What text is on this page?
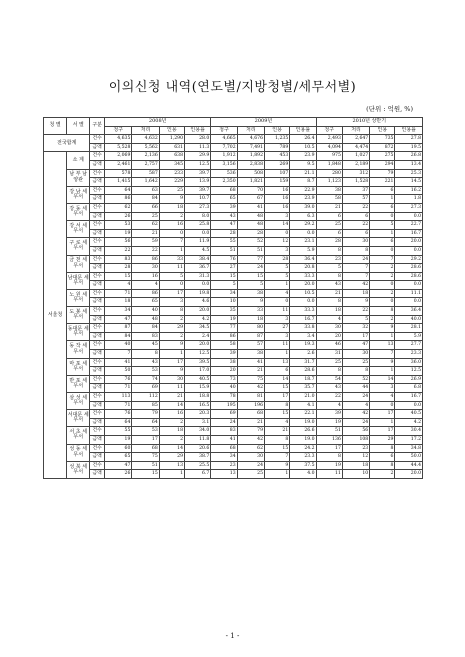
이의신청 내역(연도별/지방청별/세무서별)
(단위 : 억원, %)
청 별	서 별	구분	2008년				2009년				2010년 상반기			
			청구	처리	인용	인용률	청구	처리	인용	인용률	청구	처리	인용	인용률
전국합계		건수	4,635	4,632	1,290	28.0	4,665	4,676	1,235	26.4	2,493	2,647	735	27.8
		금액	5,528	5,562	631	11.3	7,702	7,491	789	10.5	4,094	4,474	872	19.5
서울청	소 계	건수	2,069	2,136	638	29.9	1,912	1,892	453	23.9	975	1,027	275	26.8
		금액	2,461	2,757	345	12.5	3,156	2,838	269	9.5	1,848	2,189	294	13.4
	남 부 남양관	건수	578	587	233	39.7	536	508	107	21.1	280	312	79	25.3
		금액	1,415	1,642	229	13.9	2,350	1,821	159	8.7	1,123	1,528	221	14.5
	강 남 세무서	건수	64	63	25	39.7	68	70	16	22.9	38	37	6	16.2
		금액	86	84	9	10.7	65	67	16	23.9	58	57	1	1.8
	강 동 세무서	건수	62	66	18	27.3	39	41	16	39.0	21	22	6	27.3
		금액	26	25	2	8.0	43	48	3	6.3	6	6	0	0.0
	강 서 세무서	건수	53	62	16	25.8	47	48	14	29.2	25	22	5	22.7
		금액	19	21	0	0.0	28	28	0	0.0	6	6	1	16.7
	구 로 세무서	건수	56	59	7	11.9	55	52	12	23.1	28	30	6	20.0
		금액	22	22	1	4.5	51	51	3	5.9	8	8	0	0.0
	금 천 세무서	건수	83	86	33	38.4	76	77	28	36.4	23	24	7	29.2
		금액	28	30	11	36.7	27	24	5	20.8	5	7	2	28.6
	남대문 세무서	건수	15	16	5	31.3	15	15	5	33.3	8	7	2	28.6
		금액	4	4	0	0.0	5	5	1	20.0	43	42	0	0.0
	노 원 세무서	건수	71	86	17	19.8	34	38	4	10.5	21	18	2	11.1
		금액	18	65	3	4.6	10	9	0	0.0	8	9	0	0.0
	도 봉 세무서	건수	34	40	8	20.0	35	33	11	33.3	18	22	8	36.4
		금액	47	48	2	4.2	19	18	3	16.7	4	5	2	40.0
	동대문 세무서	건수	87	84	29	34.5	77	80	27	33.8	30	32	9	28.1
		금액	84	83	2	2.4	86	87	3	3.4	20	17	1	5.9
	동 작 세무서	건수	40	45	9	20.0	58	57	11	19.3	46	47	13	27.7
		금액	7	8	1	12.5	39	38	1	2.6	31	30	7	23.3
	마 포 세무서	건수	41	43	17	39.5	38	41	13	31.7	25	25	9	36.0
		금액	50	53	9	17.0	20	21	6	28.6	8	8	1	12.5
	반 포 세무서	건수	76	74	30	40.5	73	75	14	18.7	54	52	14	26.9
		금액	71	69	11	15.9	40	42	15	35.7	43	44	3	6.8
	삼 성 세무서	건수	113	112	21	18.8	78	81	17	21.0	22	24	4	16.7
		금액	71	85	14	16.5	195	196	8	4.1	4	4	0	0.0
	서대문 세무서	건수	76	79	16	20.3	69	68	15	22.1	39	42	17	40.5
		금액	64	64	2	3.1	24	21	4	19.0	19	24	1	4.2
	서 초 세무서	건수	55	53	18	34.0	83	79	21	26.6	51	56	17	30.4
		금액	19	17	2	11.8	41	42	8	19.0	136	108	29	17.2
	성 동 세무서	건수	60	68	14	20.6	68	62	15	24.2	17	23	8	34.8
		금액	65	75	29	38.7	34	30	7	23.3	8	12	6	50.0
	성 북 세무서	건수	47	51	13	25.5	23	24	9	37.5	19	18	8	44.4
		금액	26	15	1	6.7	13	25	1	4.0	11	10	2	20.0
- 1 -
